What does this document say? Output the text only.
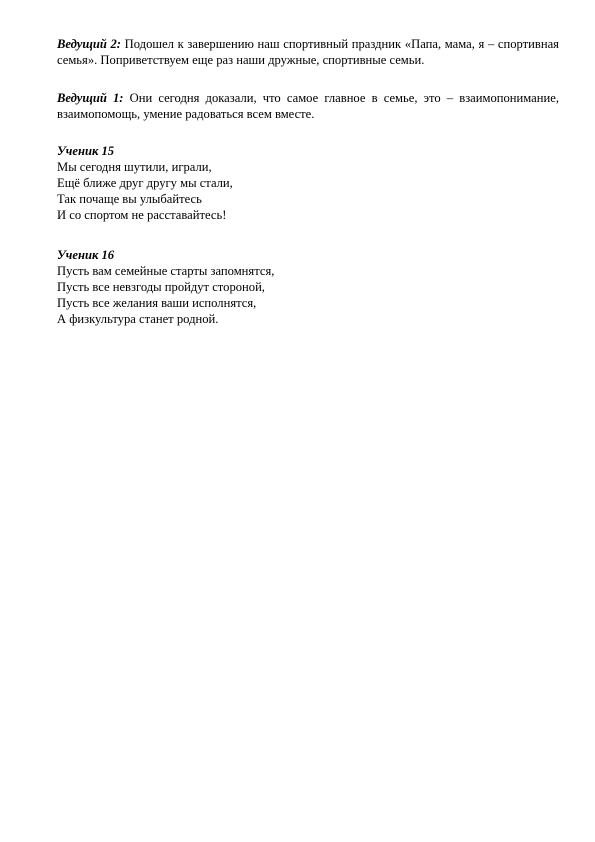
Ведущий 2: Подошел к завершению наш спортивный праздник «Папа, мама, я – спортивная семья». Поприветствуем еще раз наши дружные, спортивные семьи.

Ведущий 1: Они сегодня доказали, что самое главное в семье, это – взаимопонимание, взаимопомощь, умение радоваться всем вместе.

Ученик 15

Мы сегодня шутили, играли,
Ещё ближе друг другу мы стали,
Так почаще вы улыбайтесь
И со спортом не расставайтесь!

Ученик 16

Пусть вам семейные старты запомнятся,
Пусть все невзгоды пройдут стороной,
Пусть все желания ваши исполнятся,
А физкультура станет родной.
